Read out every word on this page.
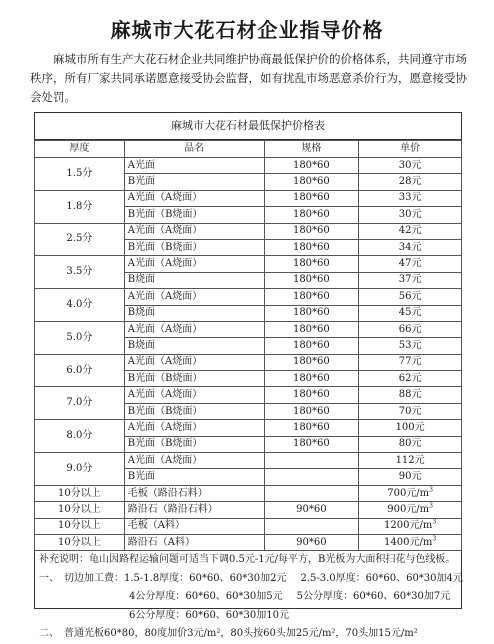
麻城市大花石材企业指导价格
麻城市所有生产大花石材企业共同维护协商最低保护价的价格体系，共同遵守市场秩序，所有厂家共同承诺愿意接受协会监督，如有扰乱市场恶意杀价行为，愿意接受协会处罚。
麻城市大花石材最低保护价格表
厚度	品名	规格	单价
1.5分	A光面	180*60	30元
	B光面	180*60	28元
1.8分	A光面（A烧面）	180*60	33元
	B光面（B烧面）	180*60	30元
2.5分	A光面（A烧面）	180*60	42元
	B光面（B烧面）	180*60	34元
3.5分	A光面（A烧面）	180*60	47元
	B烧面	180*60	37元
4.0分	A光面（A烧面）	180*60	56元
	B烧面	180*60	45元
5.0分	A光面（A烧面）	180*60	66元
	B烧面	180*60	53元
6.0分	A光面（A烧面）	180*60	77元
	B光面（B烧面）	180*60	62元
7.0分	A光面（A烧面）	180*60	88元
	B光面（B烧面）	180*60	70元
8.0分	A光面（A烧面）	180*60	100元
	B光面（B烧面）	180*60	80元
9.0分	A光面（A烧面）		112元
	B光面		90元
10分以上	毛板（路沿石料）		700元$/m^3$
10分以上	路沿石（路沿石料）	90*60	900元$/m^3$
10分以上	毛板（A料）		1200元$/m^3$
10分以上	路沿石（A料）	90*60	1400元$/m^3$
补充说明：龟山因路程运输问题可适当下调0.5元-1元/每平方，B光板为大面积扫花与色线板。
一、　切边加工费：1.5-1.8厚度：60*60、60*30加2元 2.5-3.0厚度：60*60、60*30加4元
4公分厚度：60*60、60*30加5元 5公分厚度：60*60、60*30加7元
6公分厚度：60*60、60*30加10元
二、　普通光板60*80，80度加价3元/m²，80头按60头加25元/m²，70头加15元/m²
